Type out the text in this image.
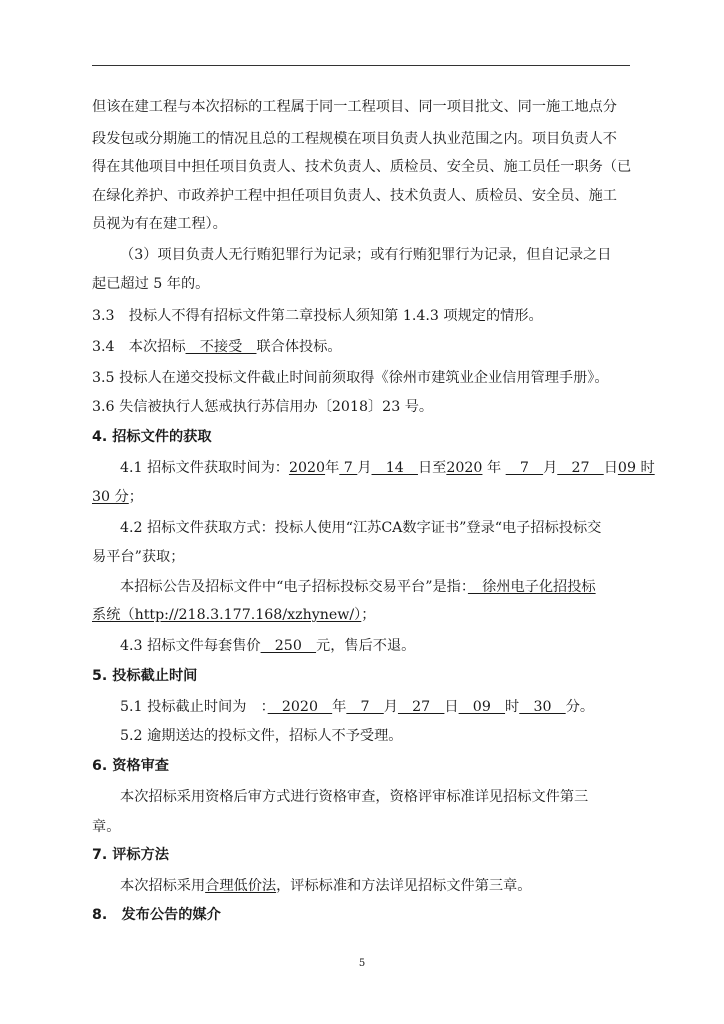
但该在建工程与本次招标的工程属于同一工程项目、同一项目批文、同一施工地点分
段发包或分期施工的情况且总的工程规模在项目负责人执业范围之内。项目负责人不
得在其他项目中担任项目负责人、技术负责人、质检员、安全员、施工员任一职务（已
在绿化养护、市政养护工程中担任项目负责人、技术负责人、质检员、安全员、施工
员视为有在建工程）。
（3）项目负责人无行贿犯罪行为记录；或有行贿犯罪行为记录，但自记录之日
起已超过 5 年的。
3.3　投标人不得有招标文件第二章投标人须知第 1.4.3 项规定的情形。
3.4　本次招标　不接受　联合体投标。
3.5 投标人在递交投标文件截止时间前须取得《徐州市建筑业企业信用管理手册》。
3.6 失信被执行人惩戒执行苏信用办〔2018〕23 号。
4. 招标文件的获取
4.1 招标文件获取时间为：2020年 7 月　14　日至2020 年 　7　月　27　日09 时
30 分；
4.2 招标文件获取方式：投标人使用“江苏CA数字证书”登录“电子招标投标交
易平台”获取；
本招标公告及招标文件中“电子招标投标交易平台”是指：　徐州电子化招投标
系统（http://218.3.177.168/xzhynew/）；
4.3 招标文件每套售价　250　元，售后不退。
5. 投标截止时间
5.1 投标截止时间为　：　2020　年　7　月　27　日　09　时　30　分。
5.2 逾期送达的投标文件，招标人不予受理。
6. 资格审查
本次招标采用资格后审方式进行资格审查，资格评审标准详见招标文件第三
章。
7. 评标方法
本次招标采用合理低价法，评标标准和方法详见招标文件第三章。
8.　发布公告的媒介
5
